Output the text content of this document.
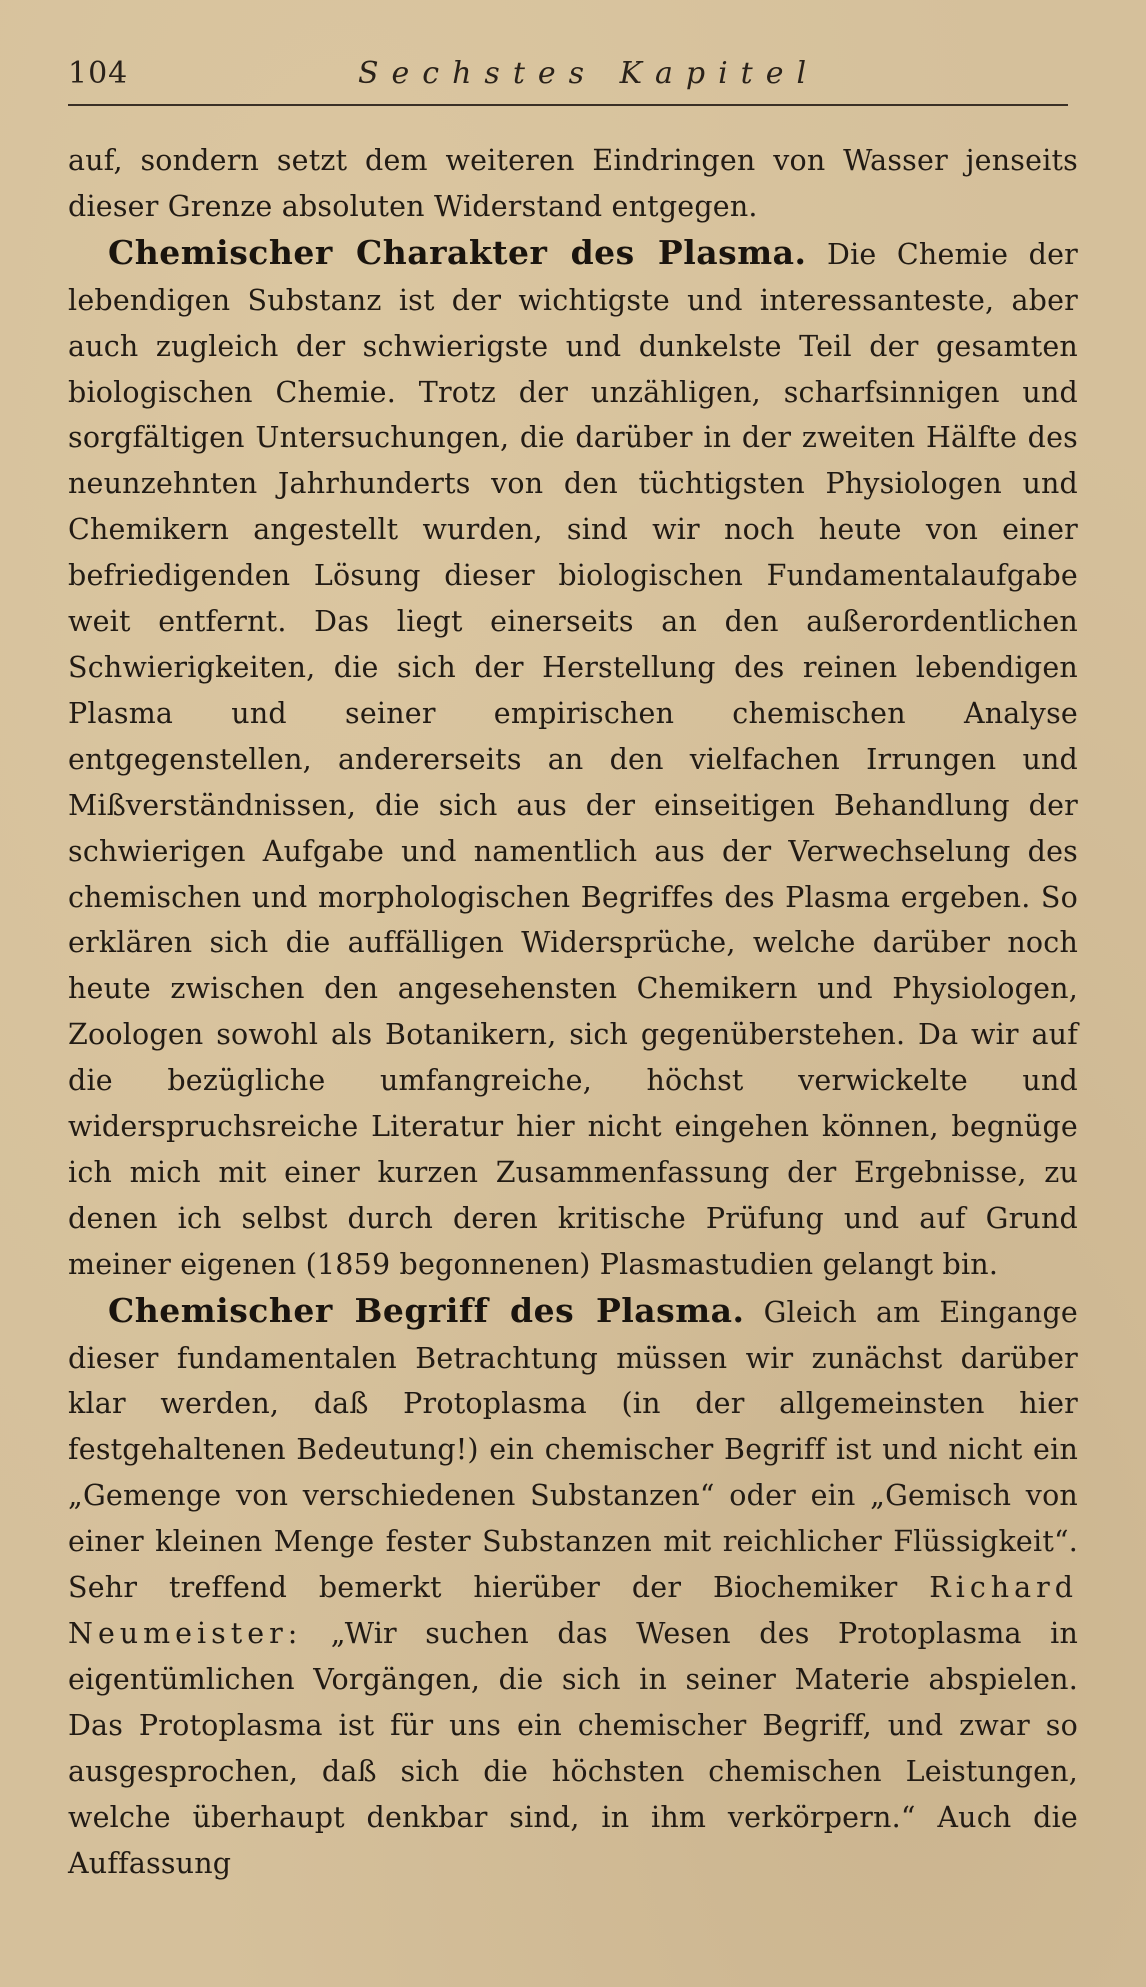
104	Sechstes Kapitel

auf, sondern setzt dem weiteren Eindringen von Wasser jenseits dieser Grenze absoluten Widerstand entgegen.

Chemischer Charakter des Plasma. Die Chemie der lebendigen Substanz ist der wichtigste und interessanteste, aber auch zugleich der schwierigste und dunkelste Teil der gesamten biologischen Chemie. Trotz der unzähligen, scharfsinnigen und sorgfältigen Untersuchungen, die darüber in der zweiten Hälfte des neunzehnten Jahrhunderts von den tüchtigsten Physiologen und Chemikern angestellt wurden, sind wir noch heute von einer befriedigenden Lösung dieser biologischen Fundamentalaufgabe weit entfernt. Das liegt einerseits an den außerordentlichen Schwierigkeiten, die sich der Herstellung des reinen lebendigen Plasma und seiner empirischen chemischen Analyse entgegenstellen, andererseits an den vielfachen Irrungen und Mißverständnissen, die sich aus der einseitigen Behandlung der schwierigen Aufgabe und namentlich aus der Verwechselung des chemischen und morphologischen Begriffes des Plasma ergeben. So erklären sich die auffälligen Widersprüche, welche darüber noch heute zwischen den angesehensten Chemikern und Physiologen, Zoologen sowohl als Botanikern, sich gegenüberstehen. Da wir auf die bezügliche umfangreiche, höchst verwickelte und widerspruchsreiche Literatur hier nicht eingehen können, begnüge ich mich mit einer kurzen Zusammenfassung der Ergebnisse, zu denen ich selbst durch deren kritische Prüfung und auf Grund meiner eigenen (1859 begonnenen) Plasmastudien gelangt bin.

Chemischer Begriff des Plasma. Gleich am Eingange dieser fundamentalen Betrachtung müssen wir zunächst darüber klar werden, daß Protoplasma (in der allgemeinsten hier festgehaltenen Bedeutung!) ein chemischer Begriff ist und nicht ein „Gemenge von verschiedenen Substanzen“ oder ein „Gemisch von einer kleinen Menge fester Substanzen mit reichlicher Flüssigkeit“. Sehr treffend bemerkt hierüber der Biochemiker Richard Neumeister: „Wir suchen das Wesen des Protoplasma in eigentümlichen Vorgängen, die sich in seiner Materie abspielen. Das Protoplasma ist für uns ein chemischer Begriff, und zwar so ausgesprochen, daß sich die höchsten chemischen Leistungen, welche überhaupt denkbar sind, in ihm verkörpern.“ Auch die Auffassung
